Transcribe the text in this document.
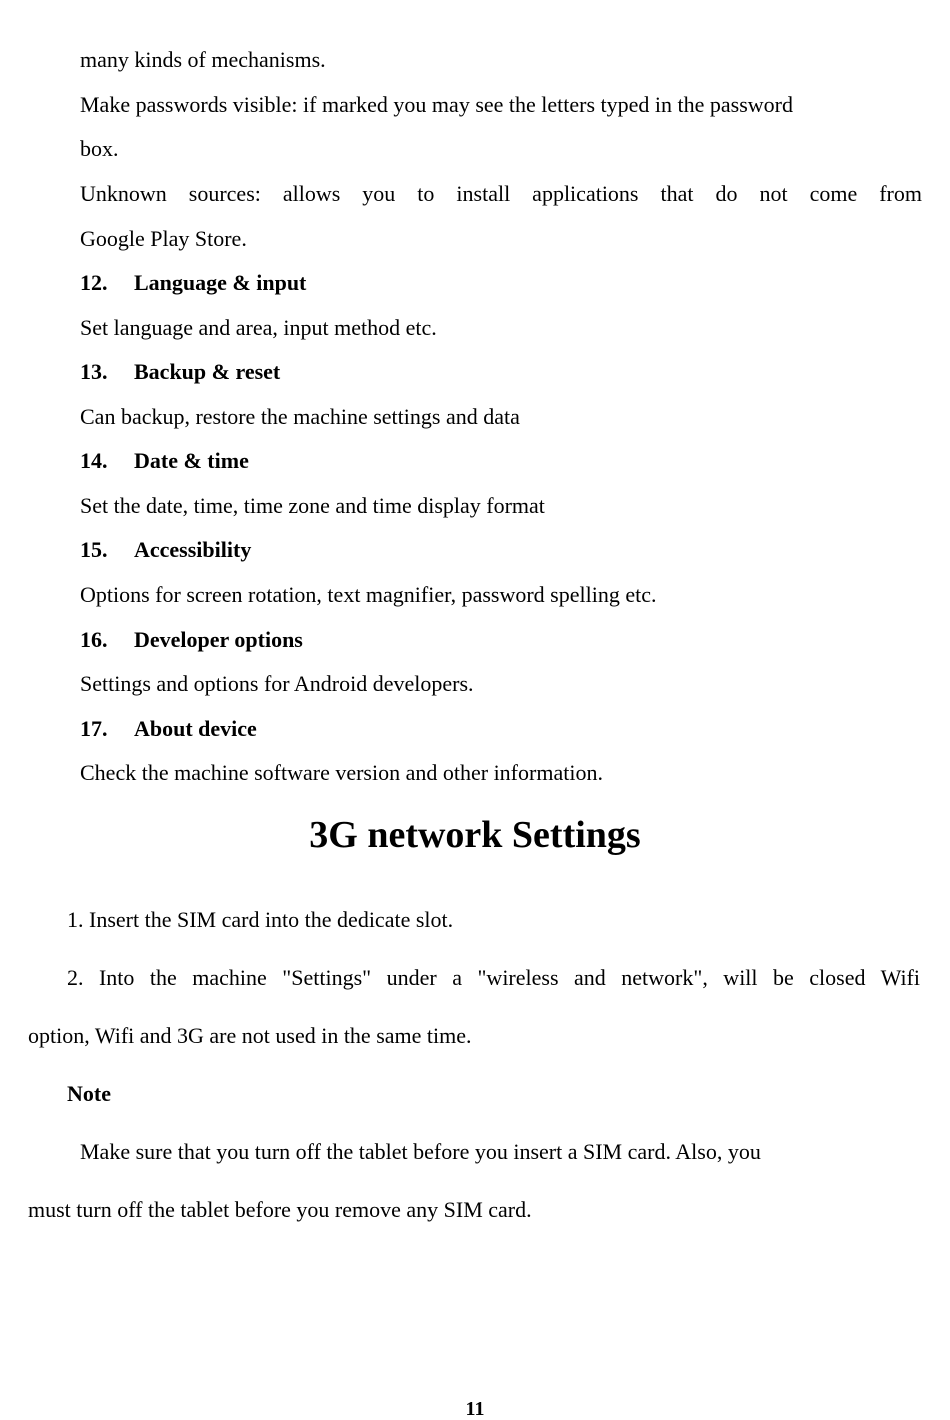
many kinds of mechanisms.
Make passwords visible: if marked you may see the letters typed in the password
box.
Unknown sources: allows you to install applications that do not come from
Google Play Store.
12. Language & input
Set language and area, input method etc.
13. Backup & reset
Can backup, restore the machine settings and data
14. Date & time
Set the date, time, time zone and time display format
15. Accessibility
Options for screen rotation, text magnifier, password spelling etc.
16. Developer options
Settings and options for Android developers.
17. About device
Check the machine software version and other information.
3G network Settings
1. Insert the SIM card into the dedicate slot.
2. Into the machine "Settings" under a "wireless and network", will be closed Wifi
option, Wifi and 3G are not used in the same time.
Note
Make sure that you turn off the tablet before you insert a SIM card. Also, you
must turn off the tablet before you remove any SIM card.
11
